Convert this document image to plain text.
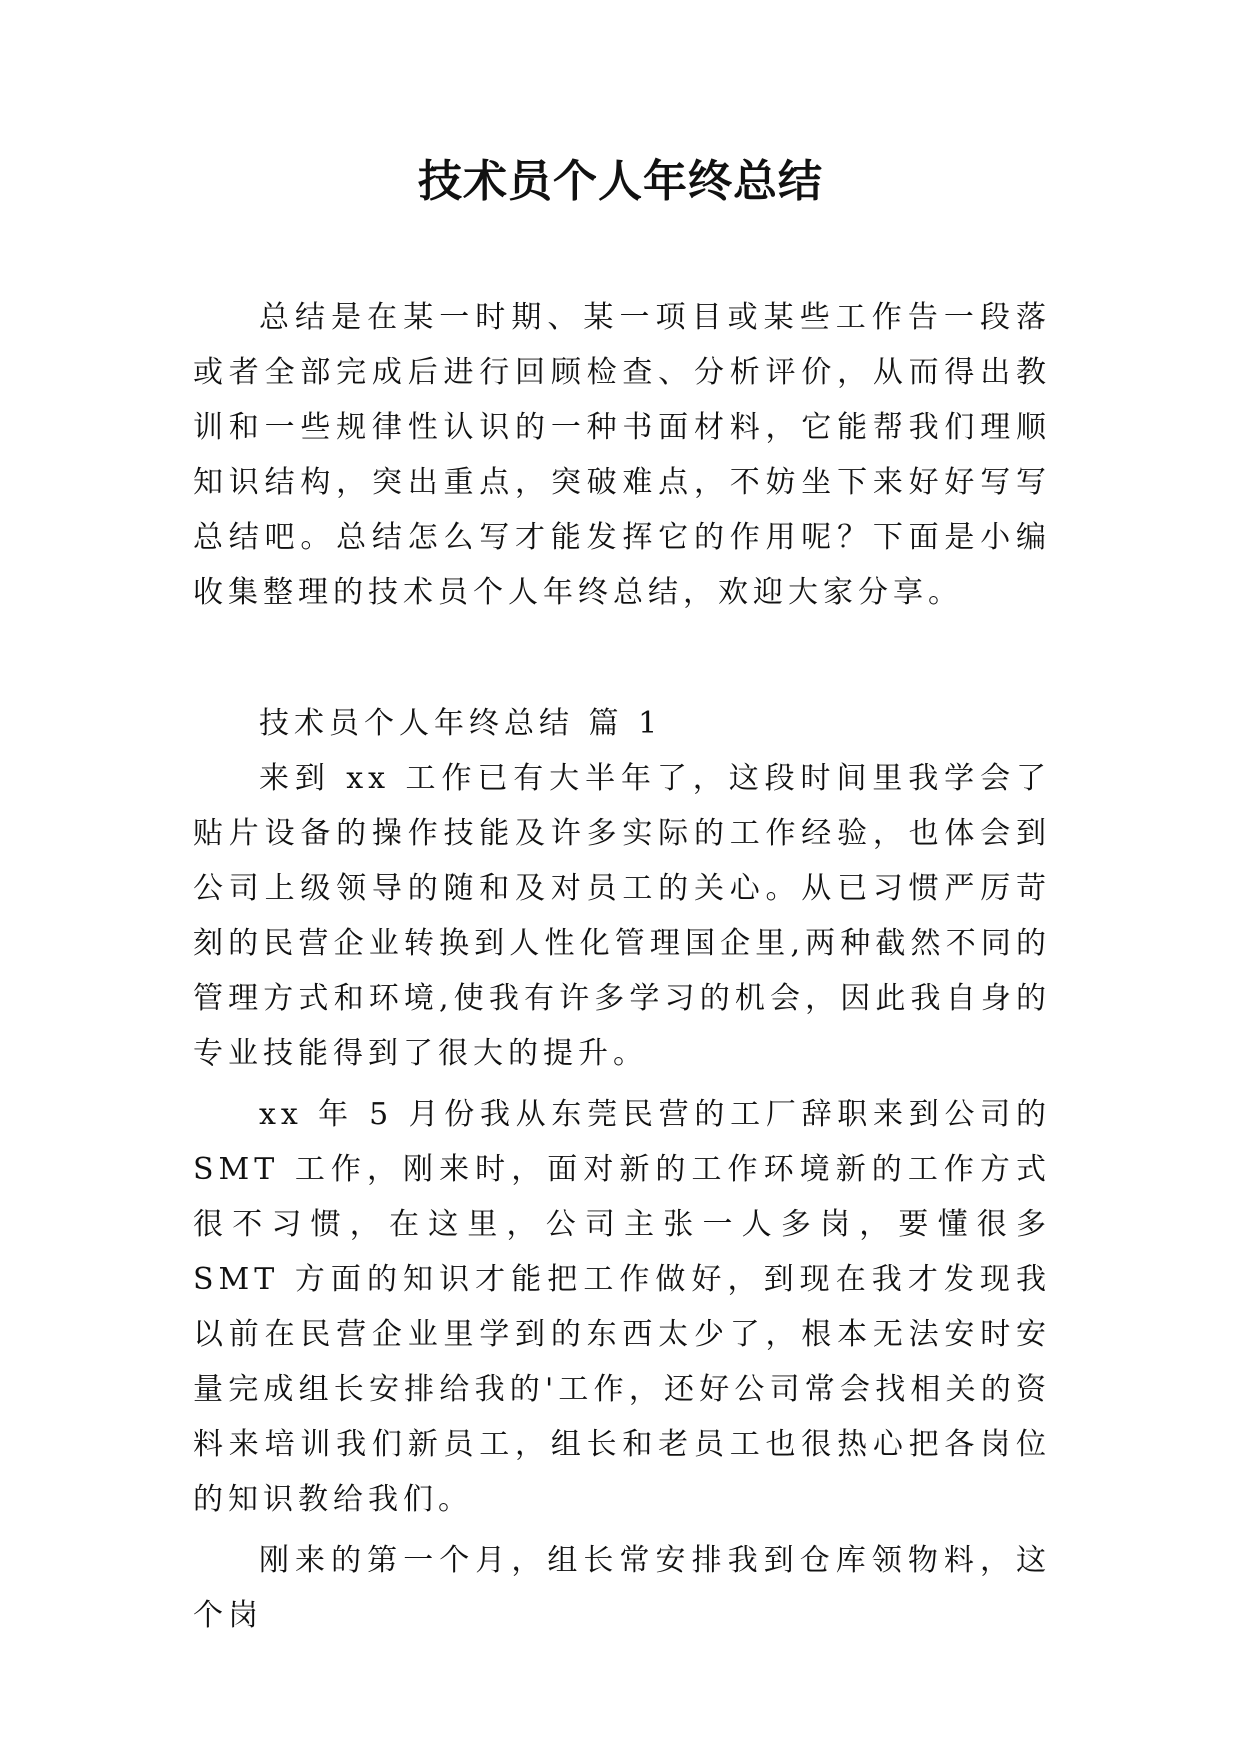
技术员个人年终总结

总结是在某一时期、某一项目或某些工作告一段落或者全部完成后进行回顾检查、分析评价，从而得出教训和一些规律性认识的一种书面材料，它能帮我们理顺知识结构，突出重点，突破难点，不妨坐下来好好写写总结吧。总结怎么写才能发挥它的作用呢？下面是小编收集整理的技术员个人年终总结，欢迎大家分享。

技术员个人年终总结 篇 1

来到 xx 工作已有大半年了，这段时间里我学会了贴片设备的操作技能及许多实际的工作经验，也体会到公司上级领导的随和及对员工的关心。从已习惯严厉苛刻的民营企业转换到人性化管理国企里,两种截然不同的管理方式和环境,使我有许多学习的机会，因此我自身的专业技能得到了很大的提升。

xx 年 5 月份我从东莞民营的工厂辞职来到公司的 SMT 工作，刚来时，面对新的工作环境新的工作方式很不习惯，在这里，公司主张一人多岗，要懂很多 SMT 方面的知识才能把工作做好，到现在我才发现我以前在民营企业里学到的东西太少了，根本无法安时安量完成组长安排给我的'工作，还好公司常会找相关的资料来培训我们新员工，组长和老员工也很热心把各岗位的知识教给我们。

刚来的第一个月，组长常安排我到仓库领物料，这个岗
